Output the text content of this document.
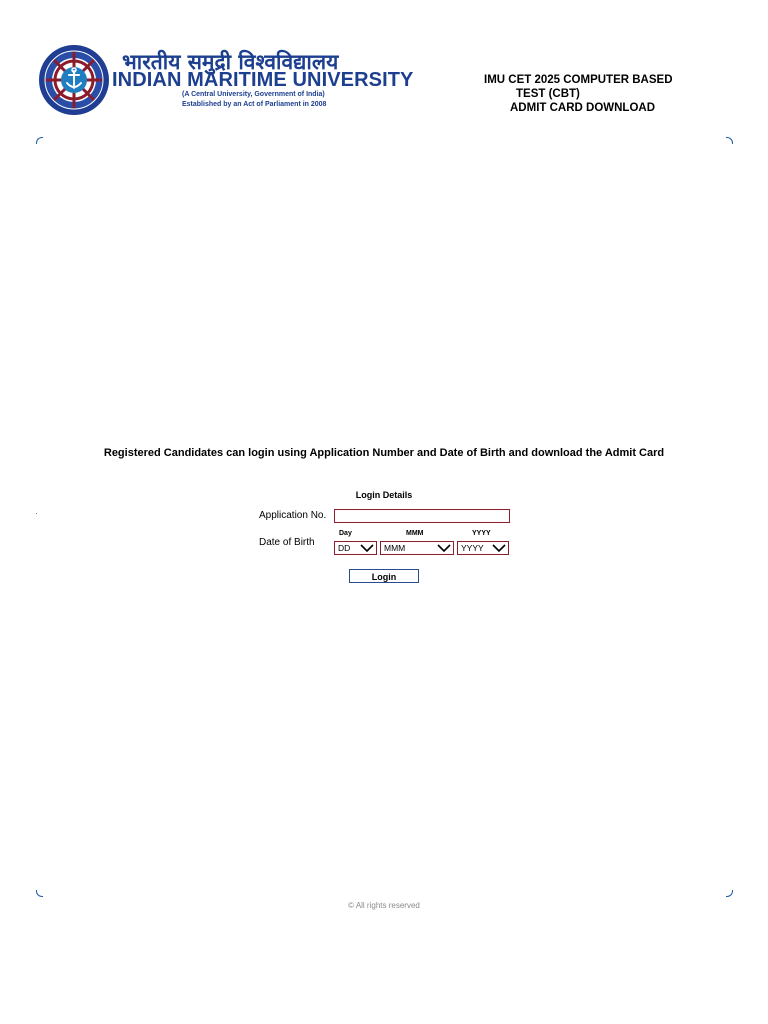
भारतीय समुद्री विश्वविद्यालय
INDIAN MARITIME UNIVERSITY
(A Central University, Government of India)
Established by an Act of Parliament in 2008
IMU CET 2025 COMPUTER BASED
TEST (CBT)
ADMIT CARD DOWNLOAD
Registered Candidates can login using Application Number and Date of Birth and download the Admit Card
Login Details
Application No.
Date of Birth
Day	MMM	YYYY
DD	MMM	YYYY
Login
© All rights reserved
